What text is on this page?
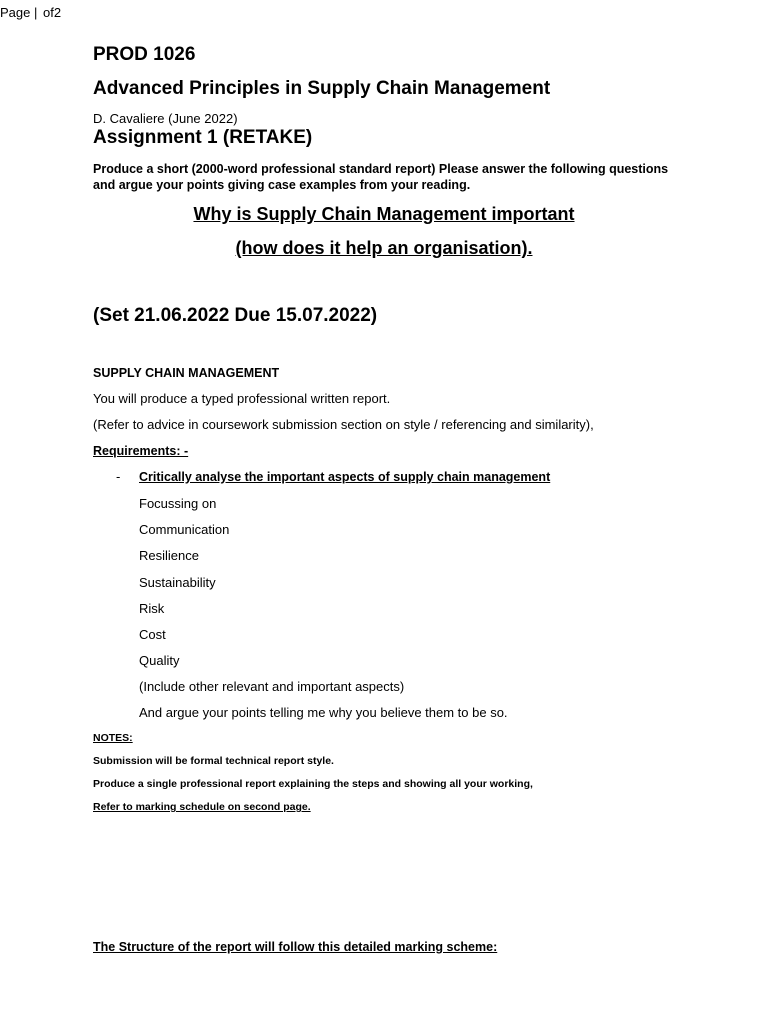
Page | of2
PROD 1026
Advanced Principles in Supply Chain Management
D. Cavaliere (June 2022)
Assignment 1 (RETAKE)
Produce a short (2000-word professional standard report) Please answer the following questions
and argue your points giving case examples from your reading.
Why is Supply Chain Management important
(how does it help an organisation).
(Set 21.06.2022 Due 15.07.2022)
SUPPLY CHAIN MANAGEMENT
You will produce a typed professional written report.
(Refer to advice in coursework submission section on style / referencing and similarity),
Requirements: -
- Critically analyse the important aspects of supply chain management
Focussing on
Communication
Resilience
Sustainability
Risk
Cost
Quality
(Include other relevant and important aspects)
And argue your points telling me why you believe them to be so.
NOTES:
Submission will be formal technical report style.
Produce a single professional report explaining the steps and showing all your working,
Refer to marking schedule on second page.
The Structure of the report will follow this detailed marking scheme:
